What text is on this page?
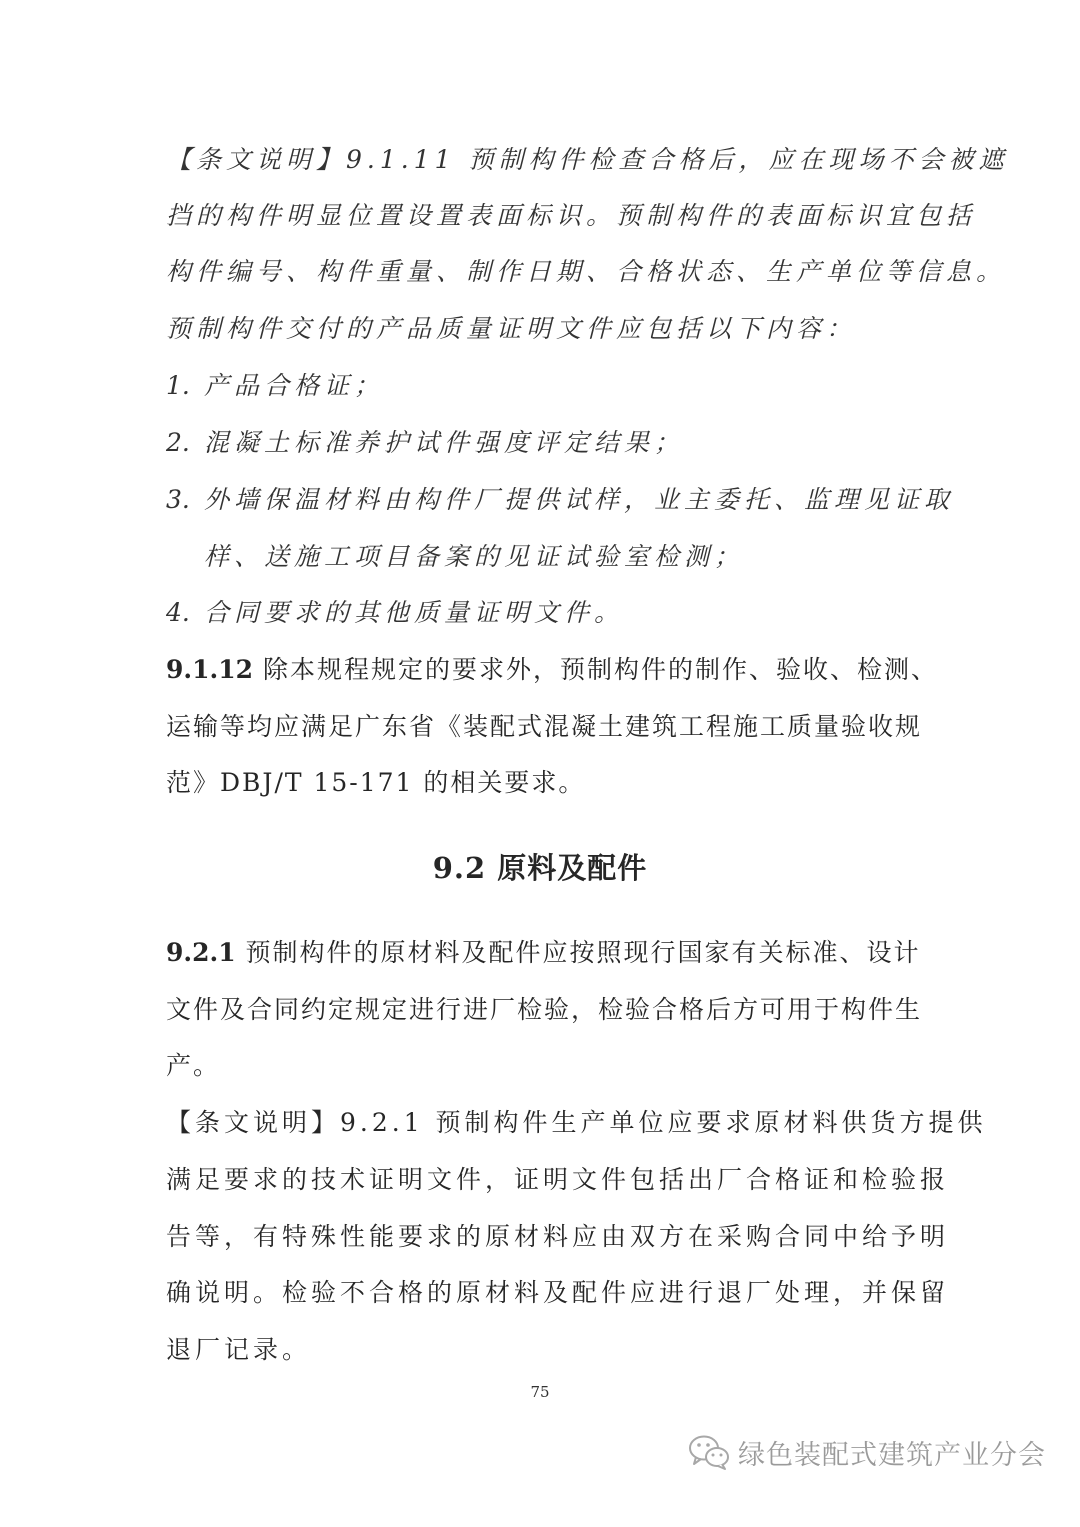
【条文说明】9.1.11 预制构件检查合格后，应在现场不会被遮
挡的构件明显位置设置表面标识。预制构件的表面标识宜包括
构件编号、构件重量、制作日期、合格状态、生产单位等信息。
预制构件交付的产品质量证明文件应包括以下内容：
1. 产品合格证；
2. 混凝土标准养护试件强度评定结果；
3. 外墙保温材料由构件厂提供试样，业主委托、监理见证取
样、送施工项目备案的见证试验室检测；
4. 合同要求的其他质量证明文件。
9.1.12 除本规程规定的要求外，预制构件的制作、验收、检测、
运输等均应满足广东省《装配式混凝土建筑工程施工质量验收规
范》DBJ/T 15-171 的相关要求。
9.2 原料及配件
9.2.1 预制构件的原材料及配件应按照现行国家有关标准、设计
文件及合同约定规定进行进厂检验，检验合格后方可用于构件生
产。
【条文说明】9.2.1 预制构件生产单位应要求原材料供货方提供
满足要求的技术证明文件，证明文件包括出厂合格证和检验报
告等，有特殊性能要求的原材料应由双方在采购合同中给予明
确说明。检验不合格的原材料及配件应进行退厂处理，并保留
退厂记录。
75
绿色装配式建筑产业分会
